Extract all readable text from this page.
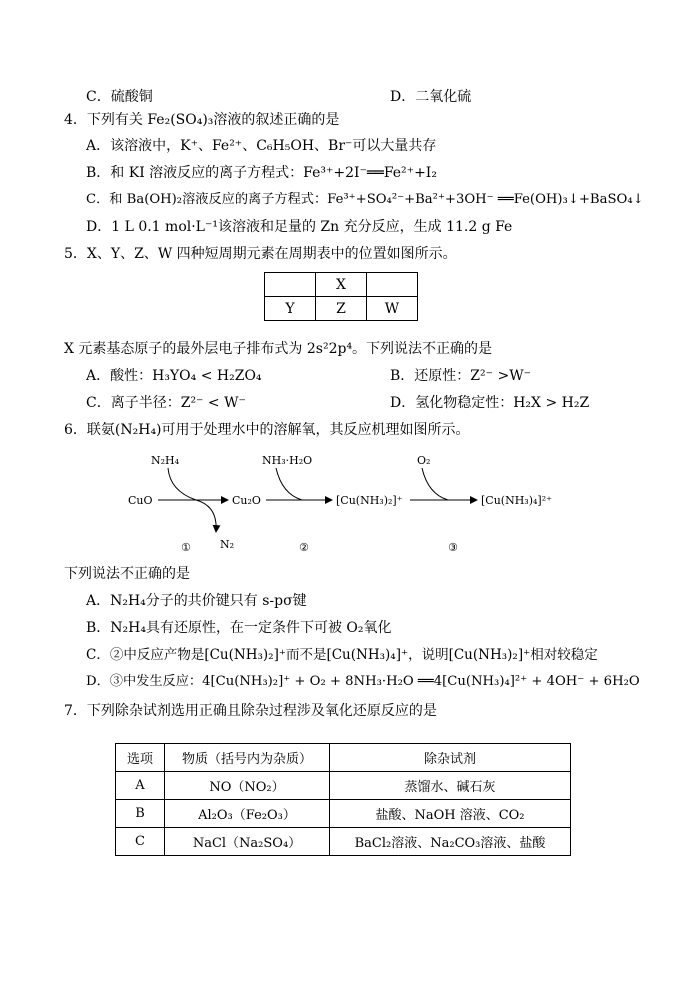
C．硫酸铜	D．二氧化硫
4．下列有关 Fe₂(SO₄)₃溶液的叙述正确的是
A．该溶液中，K⁺、Fe²⁺、C₆H₅OH、Br⁻可以大量共存
B．和 KI 溶液反应的离子方程式：Fe³⁺+2I⁻══Fe²⁺+I₂
C．和 Ba(OH)₂溶液反应的离子方程式：Fe³⁺+SO₄²⁻+Ba²⁺+3OH⁻ ══Fe(OH)₃↓+BaSO₄↓
D．1 L 0.1 mol·L⁻¹该溶液和足量的 Zn 充分反应，生成 11.2 g Fe
5．X、Y、Z、W 四种短周期元素在周期表中的位置如图所示。
	X	
Y	Z	W
X 元素基态原子的最外层电子排布式为 2s²2p⁴。下列说法不正确的是
A．酸性：H₃YO₄ < H₂ZO₄	B．还原性：Z²⁻ >W⁻
C．离子半径：Z²⁻ < W⁻	D．氢化物稳定性：H₂X > H₂Z
6．联氨(N₂H₄)可用于处理水中的溶解氧，其反应机理如图所示。
N₂H₄	NH₃·H₂O	O₂
CuO	Cu₂O	[Cu(NH₃)₂]⁺	[Cu(NH₃)₄]²⁺
N₂
①	②	③
下列说法不正确的是
A．N₂H₄分子的共价键只有 s-pσ键
B．N₂H₄具有还原性，在一定条件下可被 O₂氧化
C．②中反应产物是[Cu(NH₃)₂]⁺而不是[Cu(NH₃)₄]⁺，说明[Cu(NH₃)₂]⁺相对较稳定
D．③中发生反应：4[Cu(NH₃)₂]⁺ + O₂ + 8NH₃·H₂O ══4[Cu(NH₃)₄]²⁺ + 4OH⁻ + 6H₂O
7．下列除杂试剂选用正确且除杂过程涉及氧化还原反应的是
选项	物质（括号内为杂质）	除杂试剂
A	NO（NO₂）	蒸馏水、碱石灰
B	Al₂O₃（Fe₂O₃）	盐酸、NaOH 溶液、CO₂
C	NaCl（Na₂SO₄）	BaCl₂溶液、Na₂CO₃溶液、盐酸
